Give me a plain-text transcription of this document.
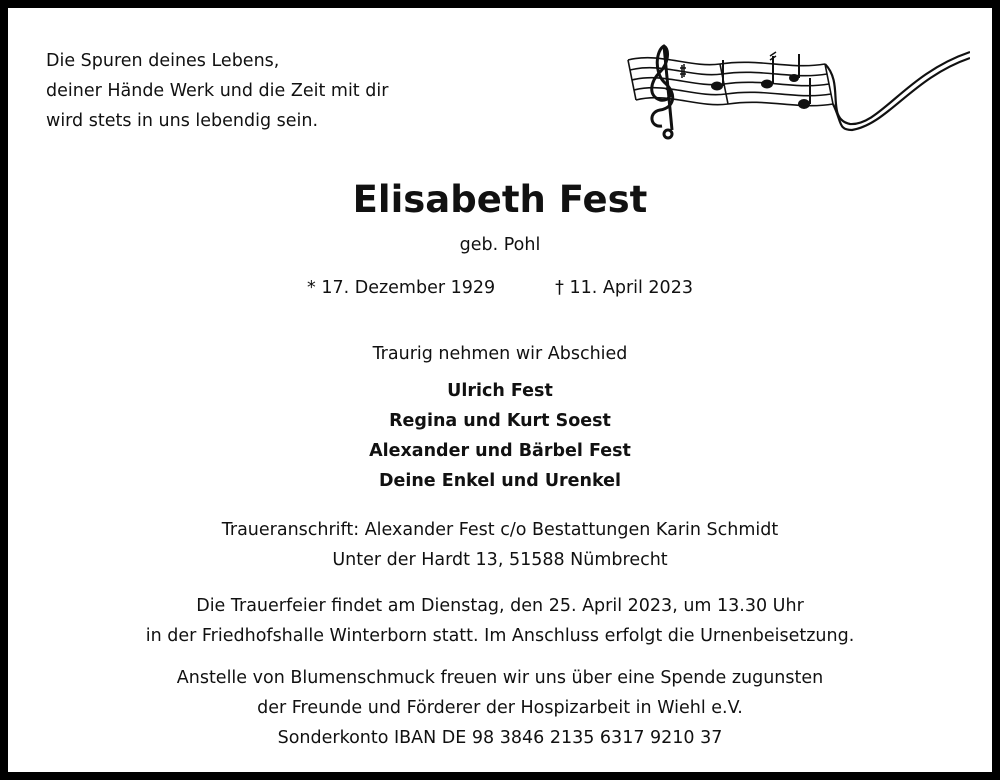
Die Spuren deines Lebens,
deiner Hände Werk und die Zeit mit dir
wird stets in uns lebendig sein.
Elisabeth Fest
geb. Pohl
* 17. Dezember 1929	† 11. April 2023
Traurig nehmen wir Abschied
Ulrich Fest
Regina und Kurt Soest
Alexander und Bärbel Fest
Deine Enkel und Urenkel
Traueranschrift: Alexander Fest c/o Bestattungen Karin Schmidt
Unter der Hardt 13, 51588 Nümbrecht
Die Trauerfeier findet am Dienstag, den 25. April 2023, um 13.30 Uhr
in der Friedhofshalle Winterborn statt. Im Anschluss erfolgt die Urnenbeisetzung.
Anstelle von Blumenschmuck freuen wir uns über eine Spende zugunsten
der Freunde und Förderer der Hospizarbeit in Wiehl e.V.
Sonderkonto IBAN DE 98 3846 2135 6317 9210 37
